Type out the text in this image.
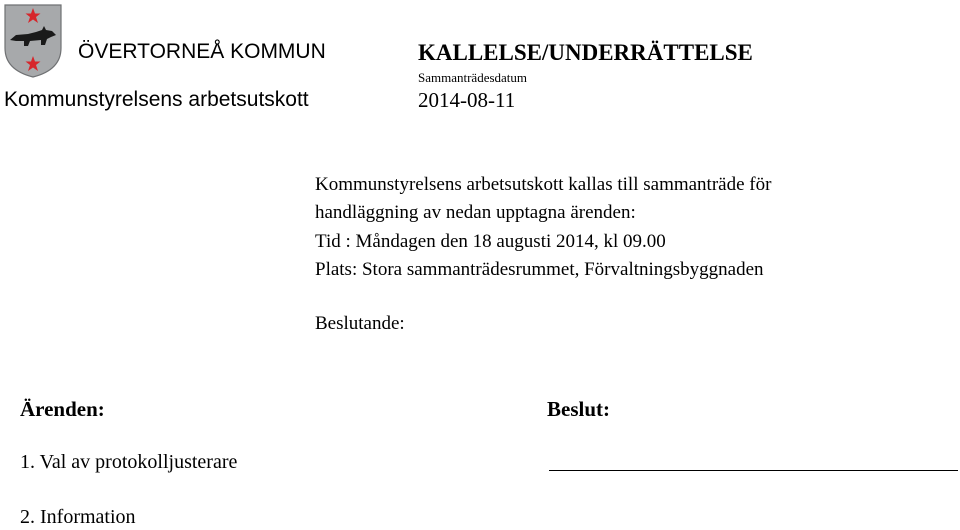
ÖVERTORNEÅ KOMMUN
Kommunstyrelsens arbetsutskott
KALLELSE/UNDERRÄTTELSE
Sammanträdesdatum
2014-08-11
Kommunstyrelsens arbetsutskott kallas till sammanträde för
handläggning av nedan upptagna ärenden:
Tid : Måndagen den 18 augusti 2014, kl 09.00
Plats: Stora sammanträdesrummet, Förvaltningsbyggnaden
Beslutande:
Ärenden:	Beslut:
1. Val av protokolljusterare
2. Information
